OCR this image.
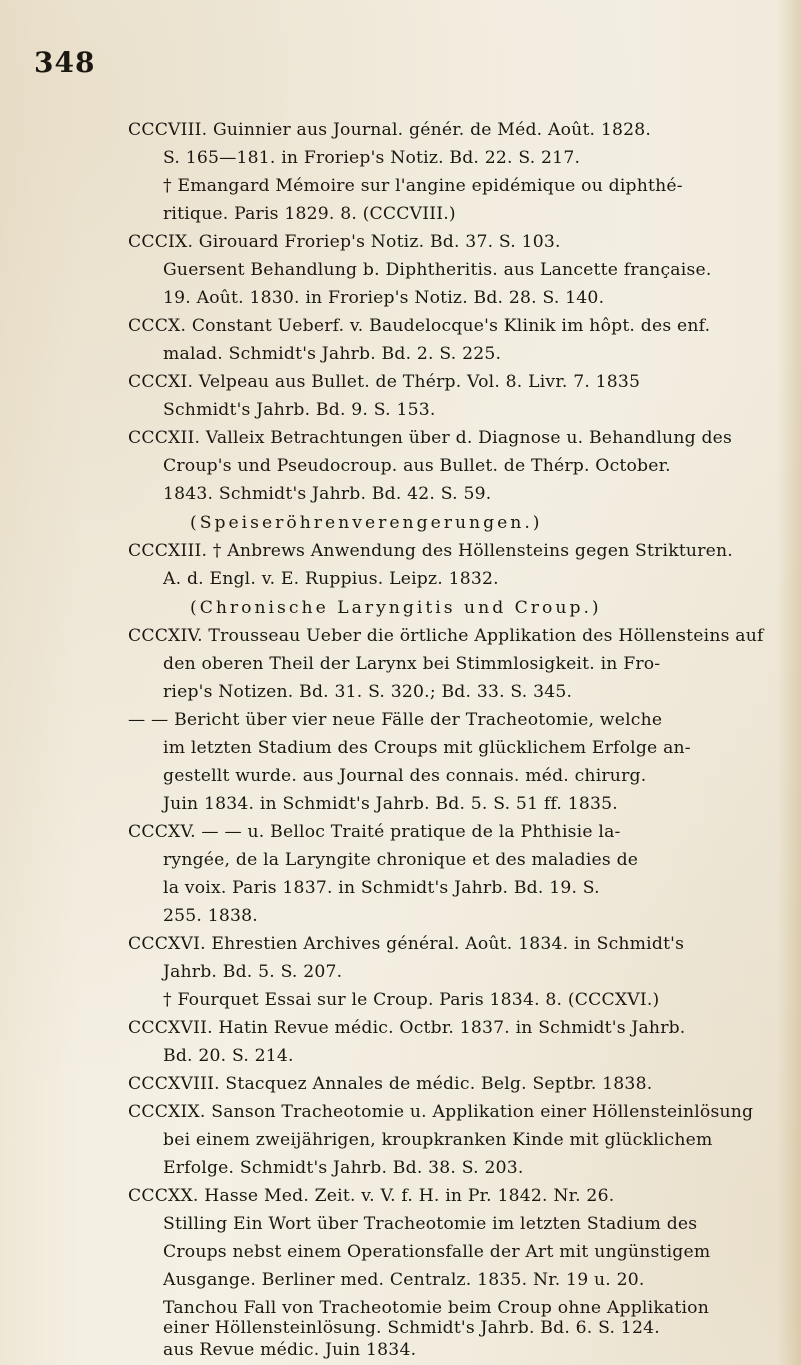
348
CCCVIII. Guinnier aus Journal. génér. de Méd. Août. 1828.
S. 165—181. in Froriep's Notiz. Bd. 22. S. 217.
† Emangard Mémoire sur l'angine epidémique ou diphthé-
ritique. Paris 1829. 8. (CCCVIII.)
CCCIX. Girouard Froriep's Notiz. Bd. 37. S. 103.
Guersent Behandlung b. Diphtheritis. aus Lancette française.
19. Août. 1830. in Froriep's Notiz. Bd. 28. S. 140.
CCCX. Constant Ueberf. v. Baudelocque's Klinik im hôpt. des enf.
malad. Schmidt's Jahrb. Bd. 2. S. 225.
CCCXI. Velpeau aus Bullet. de Thérp. Vol. 8. Livr. 7. 1835
Schmidt's Jahrb. Bd. 9. S. 153.
CCCXII. Valleix Betrachtungen über d. Diagnose u. Behandlung des
Croup's und Pseudocroup. aus Bullet. de Thérp. October.
1843. Schmidt's Jahrb. Bd. 42. S. 59.
(Speiseröhrenverengerungen.)
CCCXIII. † Anbrews Anwendung des Höllensteins gegen Strikturen.
A. d. Engl. v. E. Ruppius. Leipz. 1832.
(Chronische Laryngitis und Croup.)
CCCXIV. Trousseau Ueber die örtliche Applikation des Höllensteins auf
den oberen Theil der Larynx bei Stimmlosigkeit. in Fro-
riep's Notizen. Bd. 31. S. 320.; Bd. 33. S. 345.
— — Bericht über vier neue Fälle der Tracheotomie, welche
im letzten Stadium des Croups mit glücklichem Erfolge an-
gestellt wurde. aus Journal des connais. méd. chirurg.
Juin 1834. in Schmidt's Jahrb. Bd. 5. S. 51 ff. 1835.
CCCXV. — — u. Belloc Traité pratique de la Phthisie la-
ryngée, de la Laryngite chronique et des maladies de
la voix. Paris 1837. in Schmidt's Jahrb. Bd. 19. S.
255. 1838.
CCCXVI. Ehrestien Archives général. Août. 1834. in Schmidt's
Jahrb. Bd. 5. S. 207.
† Fourquet Essai sur le Croup. Paris 1834. 8. (CCCXVI.)
CCCXVII. Hatin Revue médic. Octbr. 1837. in Schmidt's Jahrb.
Bd. 20. S. 214.
CCCXVIII. Stacquez Annales de médic. Belg. Septbr. 1838.
CCCXIX. Sanson Tracheotomie u. Applikation einer Höllensteinlösung
bei einem zweijährigen, kroupkranken Kinde mit glücklichem
Erfolge. Schmidt's Jahrb. Bd. 38. S. 203.
CCCXX. Hasse Med. Zeit. v. V. f. H. in Pr. 1842. Nr. 26.
Stilling Ein Wort über Tracheotomie im letzten Stadium des
Croups nebst einem Operationsfalle der Art mit ungünstigem
Ausgange. Berliner med. Centralz. 1835. Nr. 19 u. 20.
Tanchou Fall von Tracheotomie beim Croup ohne Applikation
einer Höllensteinlösung. Schmidt's Jahrb. Bd. 6. S. 124.
aus Revue médic. Juin 1834.
